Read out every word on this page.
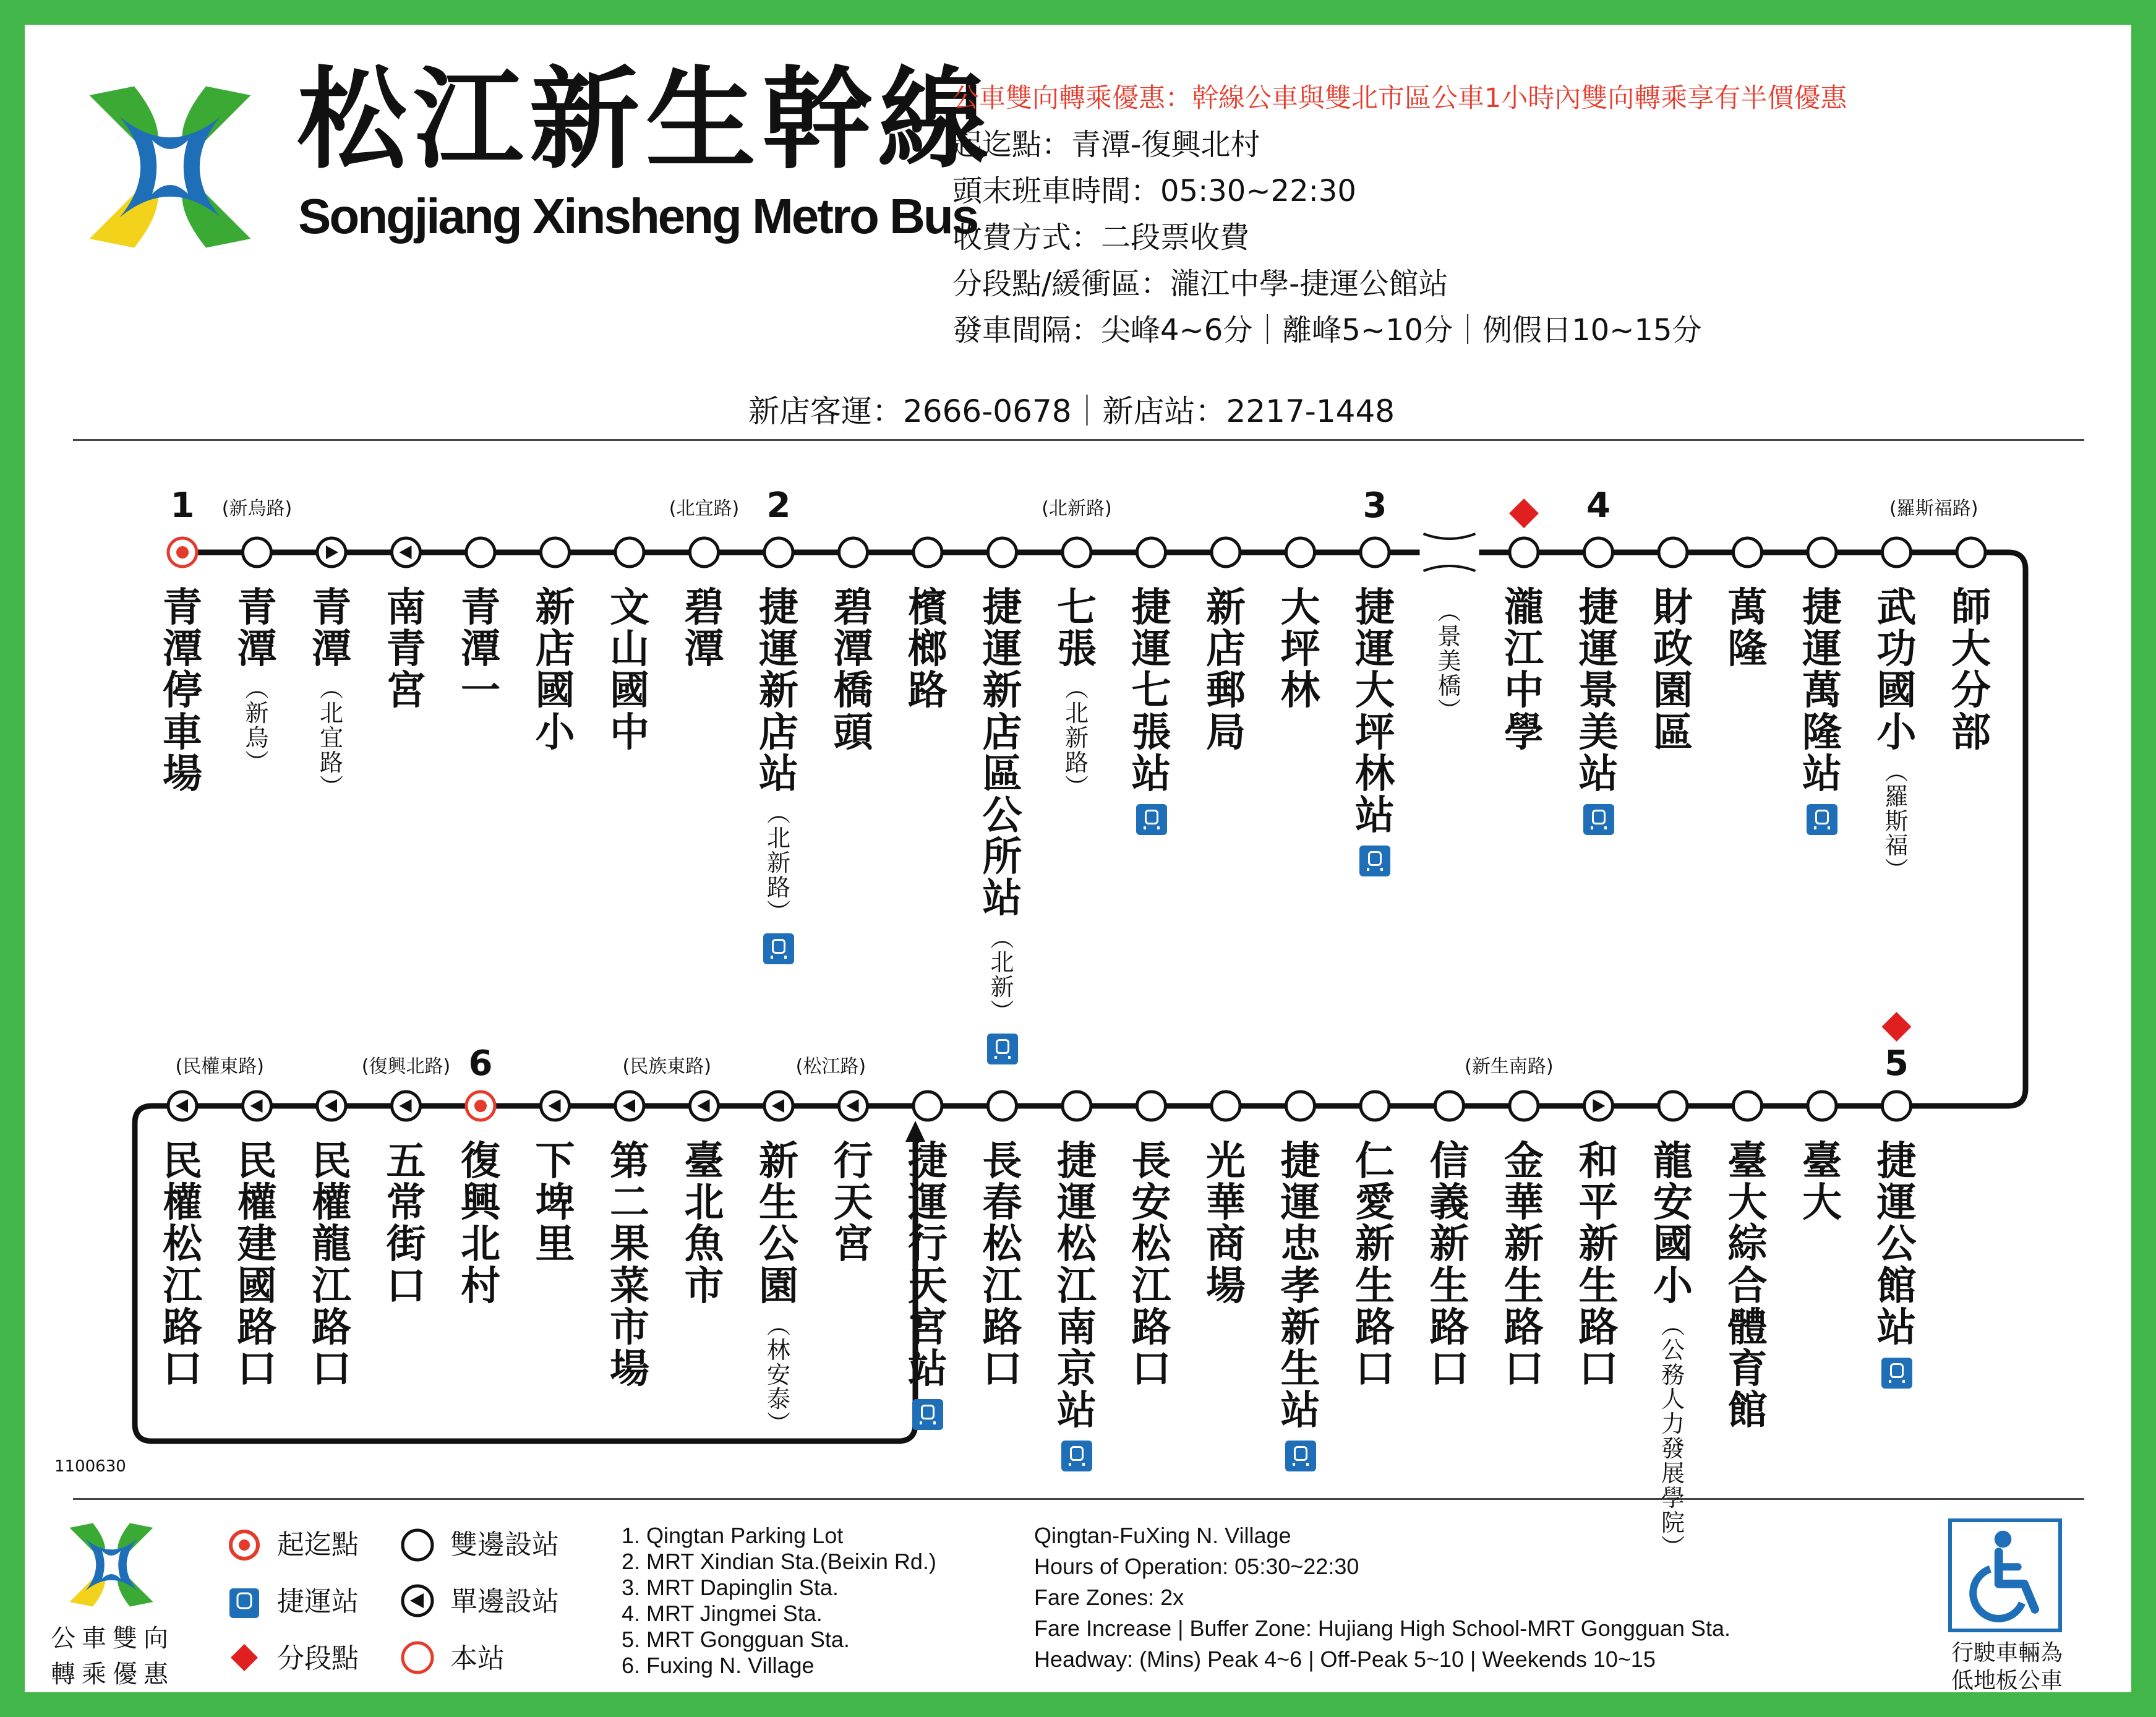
松江新生幹線
Songjiang Xinsheng Metro Bus
公車雙向轉乘優惠：幹線公車與雙北市區公車1小時內雙向轉乘享有半價優惠
起迄點：青潭-復興北村
頭末班車時間：05:30~22:30
收費方式：二段票收費
分段點/緩衝區：瀧江中學-捷運公館站
發車間隔：尖峰4~6分｜離峰5~10分｜例假日10~15分
新店客運：2666-0678｜新店站：2217-1448
青潭停車場
青潭
︵ 新烏 ︶
青潭
︵ 北宜路 ︶
南青宮
青潭一
新店國小
文山國中
碧潭
捷運新店站
︵ 北新路 ︶
碧潭橋頭
檳榔路
捷運新店區公所站
︵ 北新 ︶
七張
︵ 北新路 ︶
捷運七張站
新店郵局
大坪林
捷運大坪林站
︵ 景美橋 ︶
瀧江中學
捷運景美站
財政園區
萬隆
捷運萬隆站
武功國小
︵ 羅斯福 ︶
師大分部
民權松江路口
民權建國路口
民權龍江路口
五常街口
復興北村
下埤里
第二果菜市場
臺北魚市
新生公園
︵ 林安泰 ︶
行天宮
捷運行天宮站
長春松江路口
捷運松江南京站
長安松江路口
光華商場
捷運忠孝新生站
仁愛新生路口
信義新生路口
金華新生路口
和平新生路口
龍安國小
︵ 公務人力發展學院 ︶
臺大綜合體育館
臺大
捷運公館站
1	2	3	4
6	5
(新烏路)	(北宜路)	(北新路)	(羅斯福路)
(民權東路)	(復興北路)	(民族東路)	(松江路)	(新生南路)
1100630
公車雙向轉乘優惠
起迄點
捷運站
分段點
雙邊設站
單邊設站
本站
1. Qingtan Parking Lot
2. MRT Xindian Sta.(Beixin Rd.)
3. MRT Dapinglin Sta.
4. MRT Jingmei Sta.
5. MRT Gongguan Sta.
6. Fuxing N. Village
Qingtan-FuXing N. Village
Hours of Operation: 05:30~22:30
Fare Zones: 2x
Fare Increase | Buffer Zone: Hujiang High School-MRT Gongguan Sta.
Headway: (Mins) Peak 4~6 | Off-Peak 5~10 | Weekends 10~15	行駛車輛為低地板公車
